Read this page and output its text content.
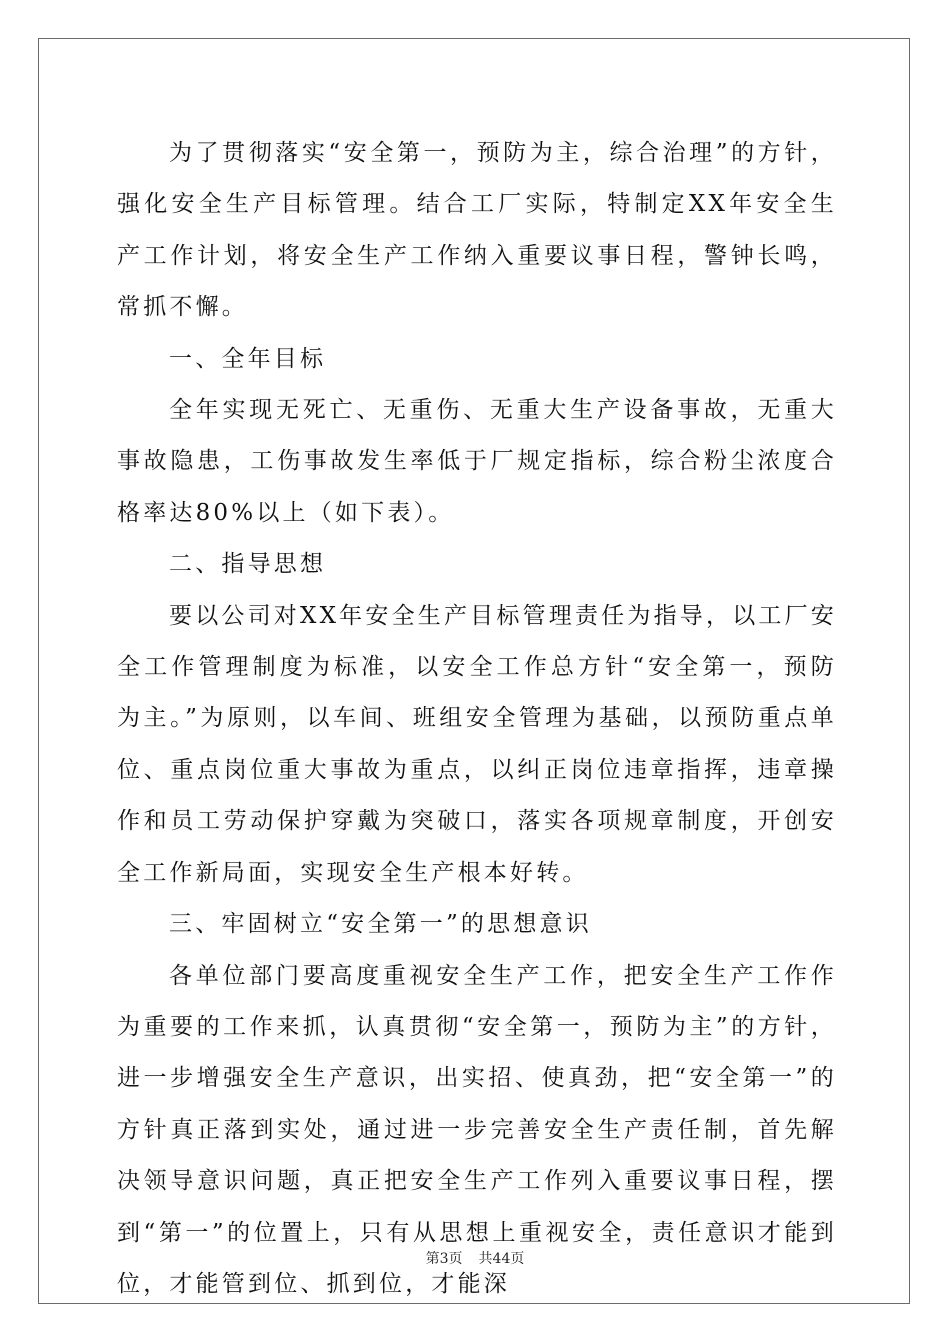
为了贯彻落实“安全第一，预防为主，综合治理”的方针，强化安全生产目标管理。结合工厂实际，特制定XX年安全生产工作计划，将安全生产工作纳入重要议事日程，警钟长鸣，常抓不懈。

一、全年目标

全年实现无死亡、无重伤、无重大生产设备事故，无重大事故隐患，工伤事故发生率低于厂规定指标，综合粉尘浓度合格率达80%以上（如下表）。

二、指导思想

要以公司对XX年安全生产目标管理责任为指导，以工厂安全工作管理制度为标准，以安全工作总方针“安全第一，预防为主。”为原则，以车间、班组安全管理为基础，以预防重点单位、重点岗位重大事故为重点，以纠正岗位违章指挥，违章操作和员工劳动保护穿戴为突破口，落实各项规章制度，开创安全工作新局面，实现安全生产根本好转。

三、牢固树立“安全第一”的思想意识

各单位部门要高度重视安全生产工作，把安全生产工作作为重要的工作来抓，认真贯彻“安全第一，预防为主”的方针，进一步增强安全生产意识，出实招、使真劲，把“安全第一”的方针真正落到实处，通过进一步完善安全生产责任制，首先解决领导意识问题，真正把安全生产工作列入重要议事日程，摆到“第一”的位置上，只有从思想上重视安全，责任意识才能到位，才能管到位、抓到位，才能深

第3页 共44页
